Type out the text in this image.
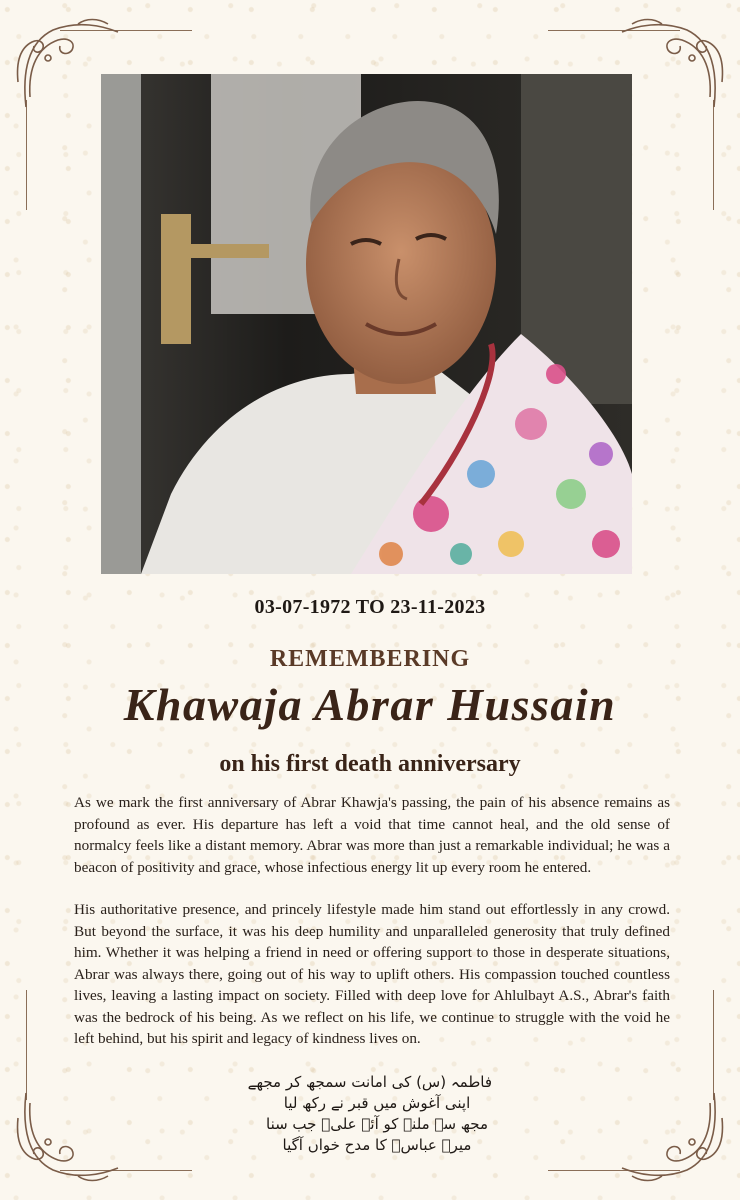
03-07-1972 TO 23-11-2023
REMEMBERING
Khawaja Abrar Hussain
on his first death anniversary

As we mark the first anniversary of Abrar Khawja's passing, the pain of his absence remains as profound as ever. His departure has left a void that time cannot heal, and the old sense of normalcy feels like a distant memory. Abrar was more than just a remarkable individual; he was a beacon of positivity and grace, whose infectious energy lit up every room he entered.

His authoritative presence, and princely lifestyle made him stand out effortlessly in any crowd. But beyond the surface, it was his deep humility and unparalleled generosity that truly defined him. Whether it was helping a friend in need or offering support to those in desperate situations, Abrar was always there, going out of his way to uplift others. His compassion touched countless lives, leaving a lasting impact on society. Filled with deep love for Ahlulbayt A.S., Abrar's faith was the bedrock of his being. As we reflect on his life, we continue to struggle with the void he left behind, but his spirit and legacy of kindness lives on.

فاطمہ (س) کی امانت سمجھ کر مجھے
اپنی آغوش میں قبر نے رکھ لیا
مجھ سے ملنے کو آئے علیؑ جب سنا
میرے عباسؑ کا مدح خواں آگیا
